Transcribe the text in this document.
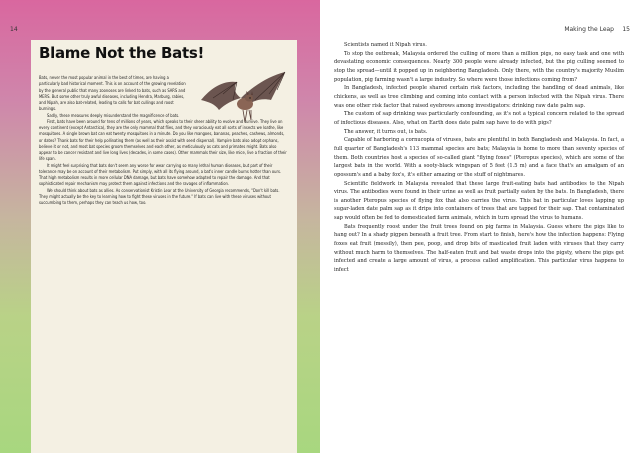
14
Blame Not the Bats!

Bats, never the most popular animal in the best of times, are having a particularly bad historical moment. This is on account of the growing revelation by the general public that many zoonoses are linked to bats, such as SARS and MERS. But some other truly awful diseases, including Hendra, Marburg, rabies, and Nipah, are also bat-related, leading to calls for bat cullings and roost burnings.

Sadly, these measures deeply misunderstand the magnificence of bats.

First, bats have been around for tens of millions of years, which speaks to their sheer ability to evolve and survive. They live on every continent (except Antarctica), they are the only mammal that flies, and they voraciously eat all sorts of insects we loathe, like mosquitoes. A single brown bat can eat twenty mosquitoes in a minute. Do you like mangoes, bananas, peaches, cashews, almonds, or dates? Thank bats for their help pollinating them (as well as their assist with seed dispersal). Vampire bats also adopt orphans, believe it or not, and most bat species groom themselves and each other, as meticulously as cats and primates might. Bats also appear to be cancer resistant and live long lives (decades, in some cases). Other mammals their size, like mice, live a fraction of their life span.

It might feel surprising that bats don't seem any worse for wear carrying so many lethal human diseases, but part of their tolerance may be on account of their metabolism. Put simply, with all its flying around, a bat's inner candle burns hotter than ours. That high metabolism results in more cellular DNA damage, but bats have somehow adapted to repair the damage. And that sophisticated repair mechanism may protect them against infections and the ravages of inflammation.

We should think about bats as allies. As conservationist Kristin Lear at the University of Georgia recommends, "Don't kill bats. They might actually be the key to learning how to fight these viruses in the future." If bats can live with these viruses without succumbing to them, perhaps they can teach us how, too.

Making the Leap 15

Scientists named it Nipah virus.

To stop the outbreak, Malaysia ordered the culling of more than a million pigs, no easy task and one with devastating economic consequences. Nearly 300 people were already infected, but the pig culling seemed to stop the spread—until it popped up in neighboring Bangladesh. Only there, with the country's majority Muslim population, pig farming wasn't a large industry. So where were those infections coming from?

In Bangladesh, infected people shared certain risk factors, including the handling of dead animals, like chickens, as well as tree climbing and coming into contact with a person infected with the Nipah virus. There was one other risk factor that raised eyebrows among investigators: drinking raw date palm sap.

The custom of sap drinking was particularly confounding, as it's not a typical concern related to the spread of infectious diseases. Also, what on Earth does date palm sap have to do with pigs?

The answer, it turns out, is bats.

Capable of harboring a cornucopia of viruses, bats are plentiful in both Bangladesh and Malaysia. In fact, a full quarter of Bangladesh's 113 mammal species are bats; Malaysia is home to more than seventy species of them. Both countries host a species of so-called giant "flying foxes" (Pteropus species), which are some of the largest bats in the world. With a sooty-black wingspan of 5 feet (1.5 m) and a face that's an amalgam of an opossum's and a baby fox's, it's either amazing or the stuff of nightmares.

Scientific fieldwork in Malaysia revealed that these large fruit-eating bats had antibodies to the Nipah virus. The antibodies were found in their urine as well as fruit partially eaten by the bats. In Bangladesh, there is another Pteropus species of flying fox that also carries the virus. This bat in particular loves lapping up sugar-laden date palm sap as it drips into containers of trees that are tapped for their sap. That contaminated sap would often be fed to domesticated farm animals, which in turn spread the virus to humans.

Bats frequently roost under the fruit trees found on pig farms in Malaysia. Guess where the pigs like to hang out? In a shady pigpen beneath a fruit tree. From start to finish, here's how the infection happens: Flying foxes eat fruit (messily), then pee, poop, and drop bits of masticated fruit laden with viruses that they carry without much harm to themselves. The half-eaten fruit and bat waste drops into the pigsty, where the pigs get infected and create a large amount of virus, a process called amplification. This particular virus happens to infect
